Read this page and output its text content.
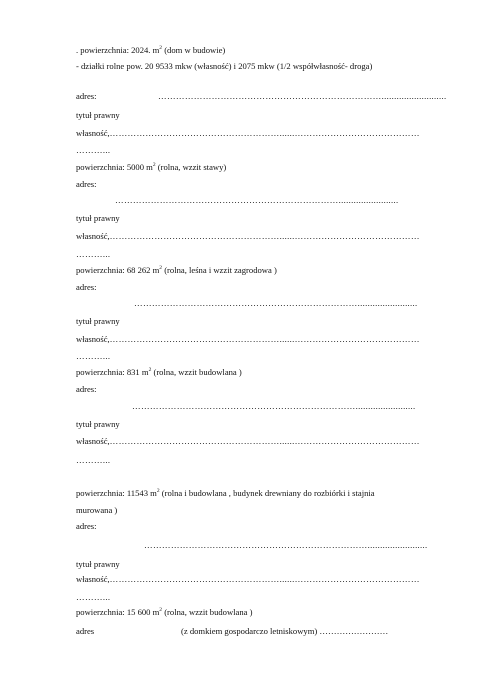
. powierzchnia: 2024. $m^2$ (dom w budowie)
- działki rolne pow. 20 9533 mkw (własność) i 2075 mkw (1/2 współwłasność- droga)
adres:	…………………………………………………………………..........................
tytuł prawny
własność,…………………………………………………......……………………………………
………...
powierzchnia: 5000 $m^2$ (rolna, wzzit stawy)
adres:
…………………………………………………………………........................
tytuł prawny
własność,…………………………………………………......……………………………………
………...
powierzchnia: 68 262 $m^2$ (rolna, leśna i wzzit zagrodowa )
adres:
…………………………………………………………………........................
tytuł prawny
własność,…………………………………………………......……………………………………
………...
powierzchnia: 831 $m^2$ (rolna, wzzit budowlana )
adres:
…………………………………………………………………........................
tytuł prawny
własność,…………………………………………………......……………………………………
………...
powierzchnia: 11543 $m^2$ (rolna i budowlana , budynek drewniany do rozbiórki i stajnia
murowana )
adres:
…………………………………………………………………........................
tytuł prawny
własność,…………………………………………………......……………………………………
………...
powierzchnia: 15 600 $m^2$ (rolna, wzzit budowlana )
adres	(z domkiem gospodarczo letniskowym) ……………………
